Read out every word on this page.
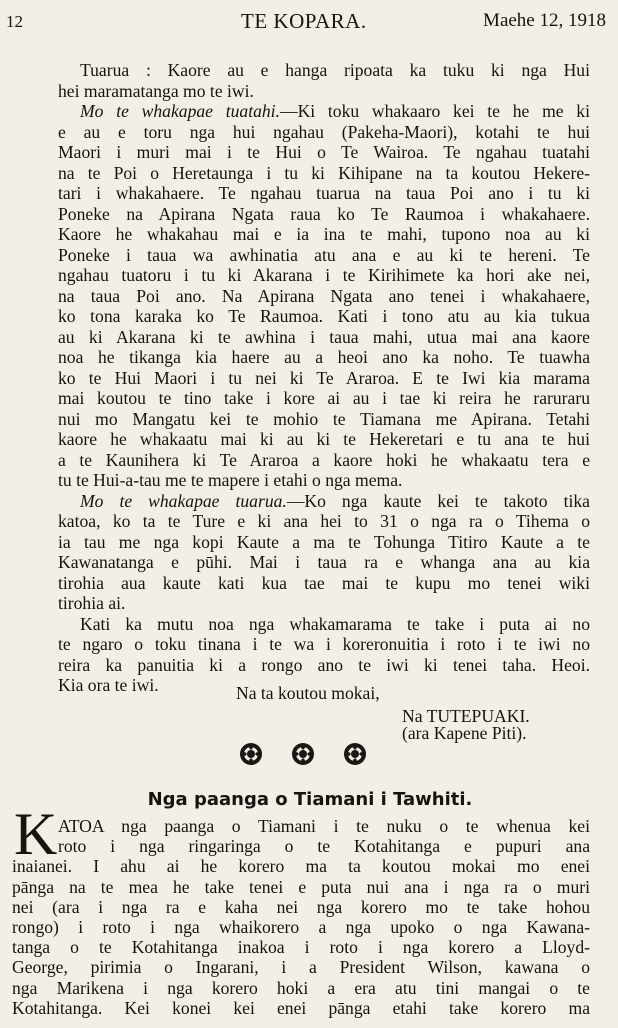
12	TE KOPARA.	Maehe 12, 1918
Tuarua : Kaore au e hanga ripoata ka tuku ki nga Hui
hei maramatanga mo te iwi.
Mo te whakapae tuatahi.—Ki toku whakaaro kei te he me ki
e au e toru nga hui ngahau (Pakeha-Maori), kotahi te hui
Maori i muri mai i te Hui o Te Wairoa. Te ngahau tuatahi
na te Poi o Heretaunga i tu ki Kihipane na ta koutou Hekere-
tari i whakahaere. Te ngahau tuarua na taua Poi ano i tu ki
Poneke na Apirana Ngata raua ko Te Raumoa i whakahaere.
Kaore he whakahau mai e ia ina te mahi, tupono noa au ki
Poneke i taua wa awhinatia atu ana e au ki te hereni. Te
ngahau tuatoru i tu ki Akarana i te Kirihimete ka hori ake nei,
na taua Poi ano. Na Apirana Ngata ano tenei i whakahaere,
ko tona karaka ko Te Raumoa. Kati i tono atu au kia tukua
au ki Akarana ki te awhina i taua mahi, utua mai ana kaore
noa he tikanga kia haere au a heoi ano ka noho. Te tuawha
ko te Hui Maori i tu nei ki Te Araroa. E te Iwi kia marama
mai koutou te tino take i kore ai au i tae ki reira he raruraru
nui mo Mangatu kei te mohio te Tiamana me Apirana. Tetahi
kaore he whakaatu mai ki au ki te Hekeretari e tu ana te hui
a te Kaunihera ki Te Araroa a kaore hoki he whakaatu tera e
tu te Hui-a-tau me te mapere i etahi o nga mema.
Mo te whakapae tuarua.—Ko nga kaute kei te takoto tika
katoa, ko ta te Ture e ki ana hei to 31 o nga ra o Tihema o
ia tau me nga kopi Kaute a ma te Tohunga Titiro Kaute a te
Kawanatanga e pūhi. Mai i taua ra e whanga ana au kia
tirohia aua kaute kati kua tae mai te kupu mo tenei wiki
tirohia ai.
Kati ka mutu noa nga whakamarama te take i puta ai no
te ngaro o toku tinana i te wa i koreronuitia i roto i te iwi no
reira ka panuitia ki a rongo ano te iwi ki tenei taha. Heoi.
Kia ora te iwi.	Na ta koutou mokai,
Na TUTEPUAKI.
(ara Kapene Piti).
Nga paanga o Tiamani i Tawhiti.
K ATOA nga paanga o Tiamani i te nuku o te whenua kei
roto i nga ringaringa o te Kotahitanga e pupuri ana
inaianei. I ahu ai he korero ma ta koutou mokai mo enei
pānga na te mea he take tenei e puta nui ana i nga ra o muri
nei (ara i nga ra e kaha nei nga korero mo te take hohou
rongo) i roto i nga whaikorero a nga upoko o nga Kawana-
tanga o te Kotahitanga inakoa i roto i nga korero a Lloyd-
George, pirimia o Ingarani, i a President Wilson, kawana o
nga Marikena i nga korero hoki a era atu tini mangai o te
Kotahitanga. Kei konei kei enei pānga etahi take korero ma
